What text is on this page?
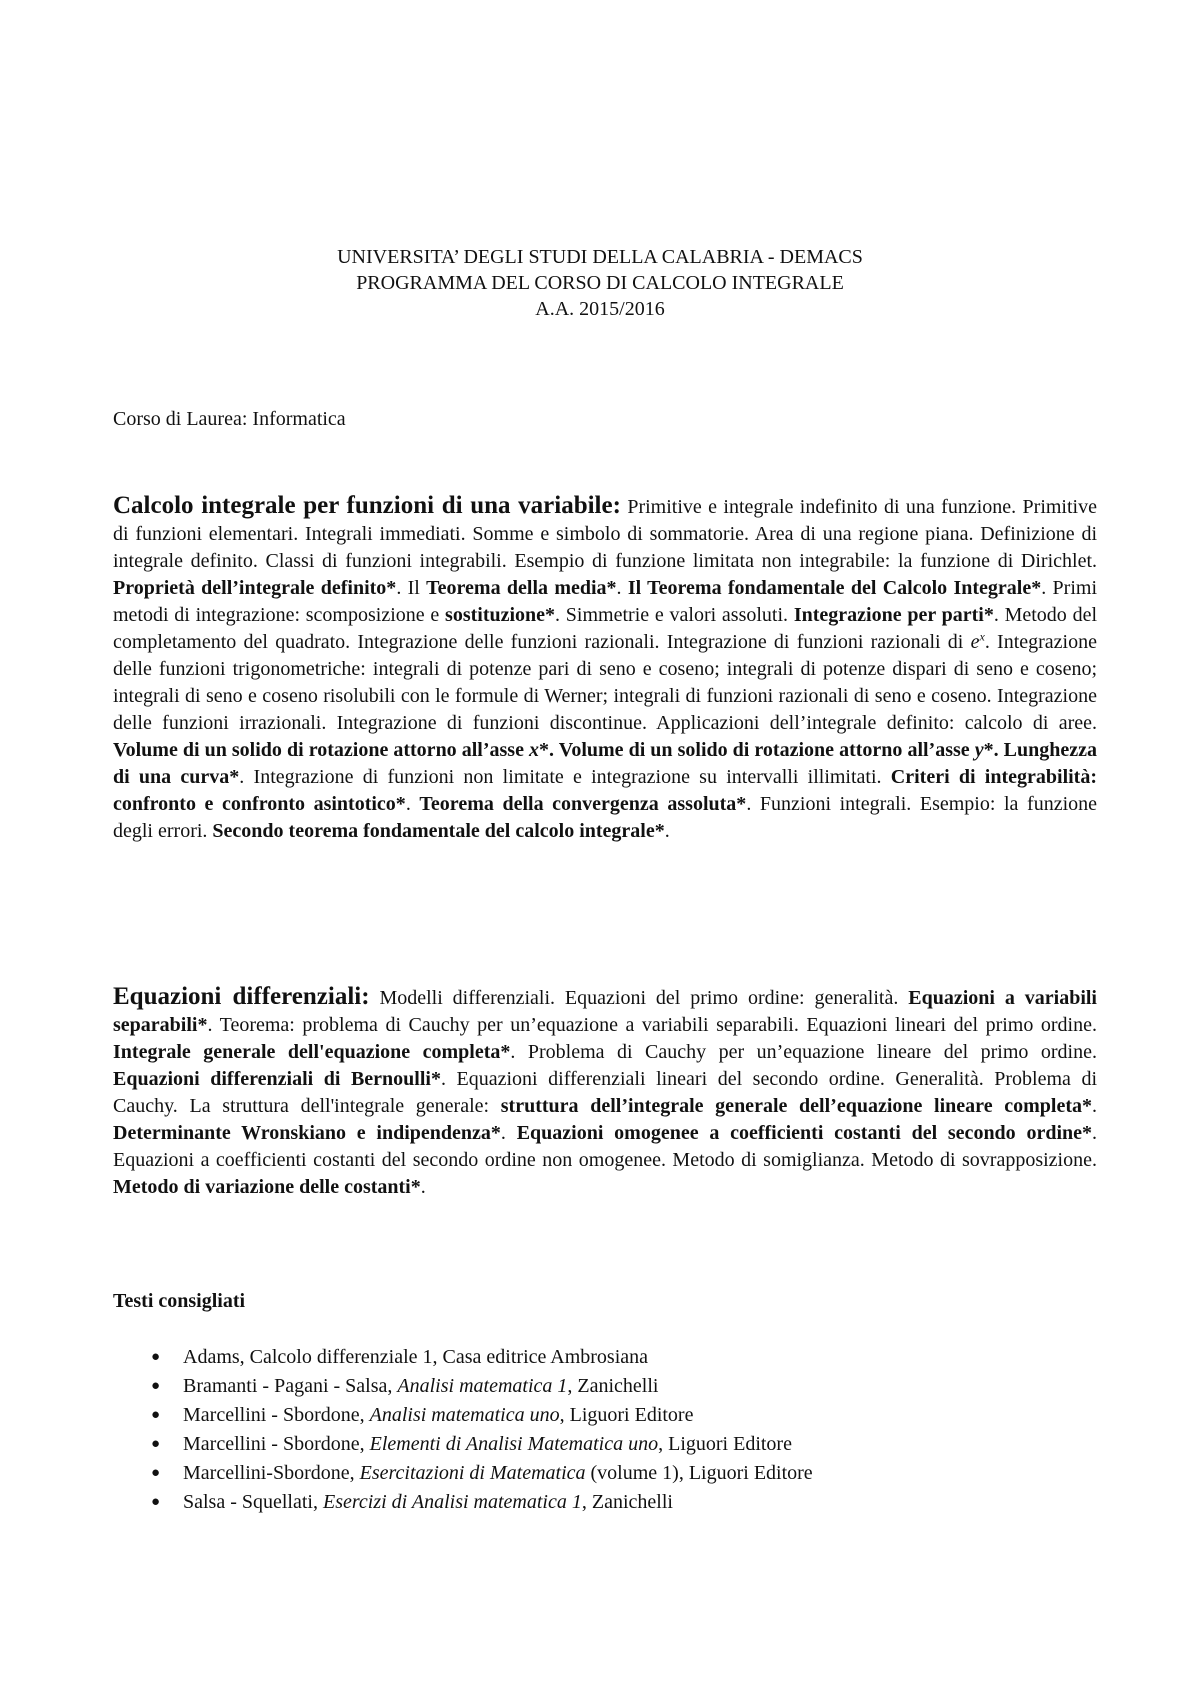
UNIVERSITA’ DEGLI STUDI DELLA CALABRIA - DEMACS
PROGRAMMA DEL CORSO DI CALCOLO INTEGRALE
A.A. 2015/2016
Corso di Laurea: Informatica
Calcolo integrale per funzioni di una variabile: Primitive e integrale indefinito di una funzione. Primitive di funzioni elementari. Integrali immediati. Somme e simbolo di sommatorie. Area di una regione piana. Definizione di integrale definito. Classi di funzioni integrabili. Esempio di funzione limitata non integrabile: la funzione di Dirichlet. Proprietà dell’integrale definito*. Il Teorema della media*. Il Teorema fondamentale del Calcolo Integrale*. Primi metodi di integrazione: scomposizione e sostituzione*. Simmetrie e valori assoluti. Integrazione per parti*. Metodo del completamento del quadrato. Integrazione delle funzioni razionali. Integrazione di funzioni razionali di $e^x$. Integrazione delle funzioni trigonometriche: integrali di potenze pari di seno e coseno; integrali di potenze dispari di seno e coseno; integrali di seno e coseno risolubili con le formule di Werner; integrali di funzioni razionali di seno e coseno. Integrazione delle funzioni irrazionali. Integrazione di funzioni discontinue. Applicazioni dell’integrale definito: calcolo di aree. Volume di un solido di rotazione attorno all’asse x*. Volume di un solido di rotazione attorno all’asse y*. Lunghezza di una curva*. Integrazione di funzioni non limitate e integrazione su intervalli illimitati. Criteri di integrabilità: confronto e confronto asintotico*. Teorema della convergenza assoluta*. Funzioni integrali. Esempio: la funzione degli errori. Secondo teorema fondamentale del calcolo integrale*.
Equazioni differenziali: Modelli differenziali. Equazioni del primo ordine: generalità. Equazioni a variabili separabili*. Teorema: problema di Cauchy per un’equazione a variabili separabili. Equazioni lineari del primo ordine. Integrale generale dell'equazione completa*. Problema di Cauchy per un’equazione lineare del primo ordine. Equazioni differenziali di Bernoulli*. Equazioni differenziali lineari del secondo ordine. Generalità. Problema di Cauchy. La struttura dell'integrale generale: struttura dell’integrale generale dell’equazione lineare completa*. Determinante Wronskiano e indipendenza*. Equazioni omogenee a coefficienti costanti del secondo ordine*. Equazioni a coefficienti costanti del secondo ordine non omogenee. Metodo di somiglianza. Metodo di sovrapposizione. Metodo di variazione delle costanti*.
Testi consigliati
● Adams, Calcolo differenziale 1, Casa editrice Ambrosiana
● Bramanti - Pagani - Salsa, Analisi matematica 1, Zanichelli
● Marcellini - Sbordone, Analisi matematica uno, Liguori Editore
● Marcellini - Sbordone, Elementi di Analisi Matematica uno, Liguori Editore
● Marcellini-Sbordone, Esercitazioni di Matematica (volume 1), Liguori Editore
● Salsa - Squellati, Esercizi di Analisi matematica 1, Zanichelli
